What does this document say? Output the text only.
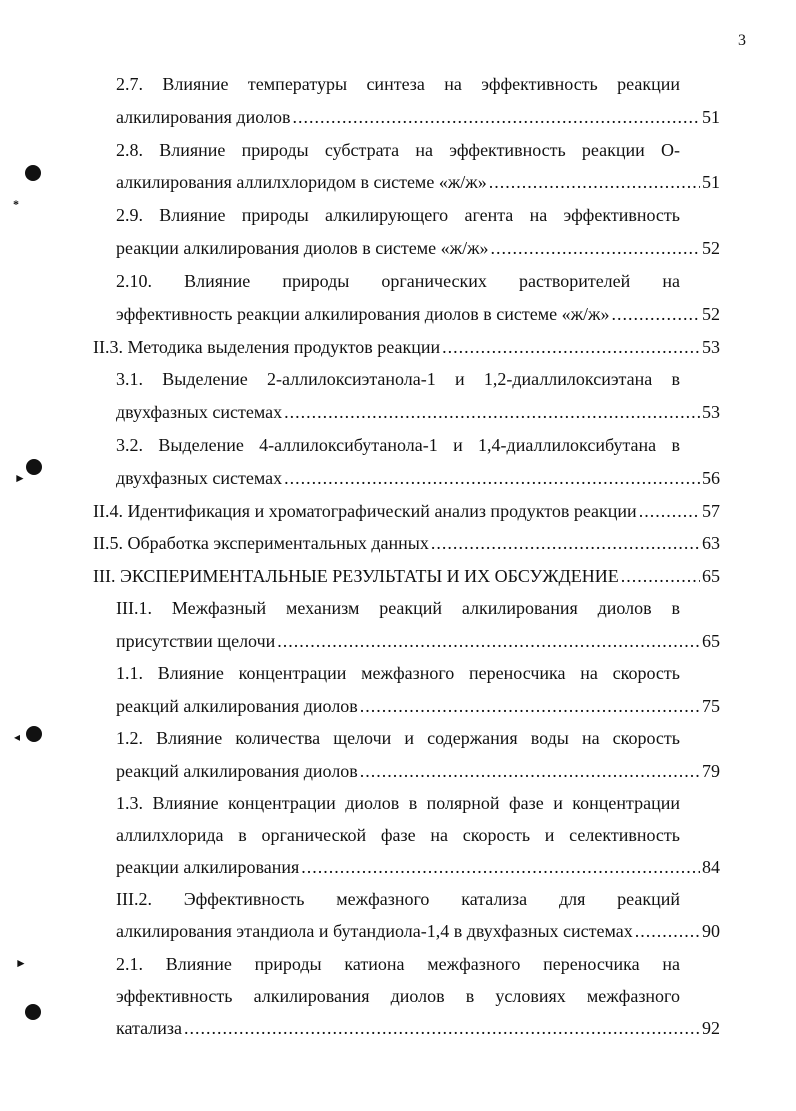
3
2.7. Влияние температуры синтеза на эффективность реакции
алкилирования диолов .....	51
2.8. Влияние природы субстрата на эффективность реакции О-
алкилирования аллилхлоридом в системе «ж/ж» .....	51
2.9. Влияние природы алкилирующего агента на эффективность
реакции алкилирования диолов в системе «ж/ж» .....	52
2.10. Влияние природы органических растворителей на
эффективность реакции алкилирования диолов в системе «ж/ж» .....	52
II.3. Методика выделения продуктов реакции .....	53
3.1. Выделение 2-аллилоксиэтанола-1 и 1,2-диаллилоксиэтана в
двухфазных системах .....	53
3.2. Выделение 4-аллилоксибутанола-1 и 1,4-диаллилоксибутана в
двухфазных системах .....	56
II.4. Идентификация и хроматографический анализ продуктов реакции .....	57
II.5. Обработка экспериментальных данных .....	63
III. ЭКСПЕРИМЕНТАЛЬНЫЕ РЕЗУЛЬТАТЫ И ИХ ОБСУЖДЕНИЕ .....	65
III.1. Межфазный механизм реакций алкилирования диолов в
присутствии щелочи .....	65
1.1. Влияние концентрации межфазного переносчика на скорость
реакций алкилирования диолов .....	75
1.2. Влияние количества щелочи и содержания воды на скорость
реакций алкилирования диолов .....	79
1.3. Влияние концентрации диолов в полярной фазе и концентрации
аллилхлорида в органической фазе на скорость и селективность
реакции алкилирования .....	84
III.2. Эффективность межфазного катализа для реакций
алкилирования этандиола и бутандиола-1,4 в двухфазных системах .....	90
2.1. Влияние природы катиона межфазного переносчика на
эффективность алкилирования диолов в условиях межфазного
катализа .....	92
*
►
◂
►
